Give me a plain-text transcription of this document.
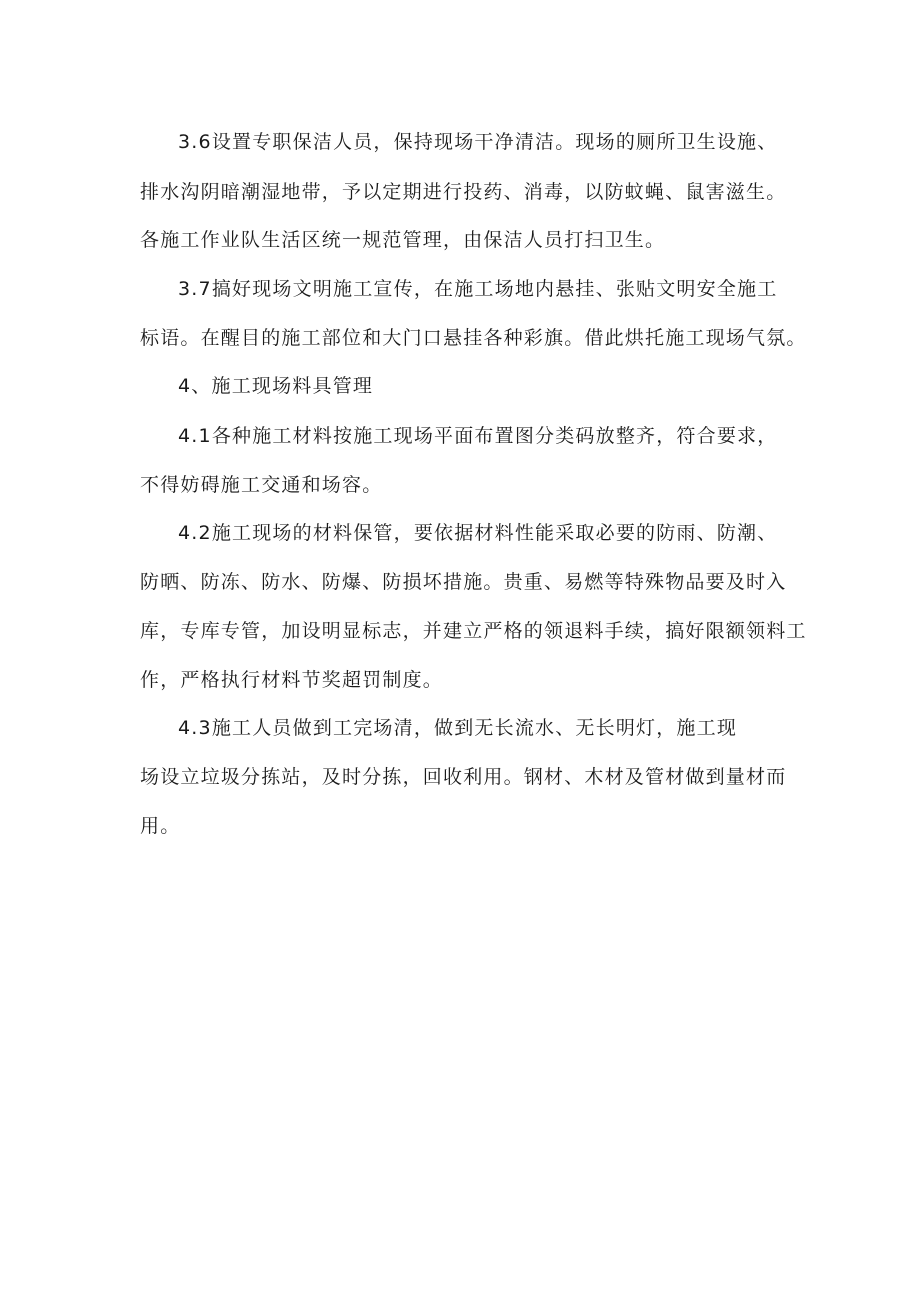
3.6设置专职保洁人员，保持现场干净清洁。现场的厕所卫生设施、
排水沟阴暗潮湿地带，予以定期进行投药、消毒，以防蚊蝇、鼠害滋生。
各施工作业队生活区统一规范管理，由保洁人员打扫卫生。
3.7搞好现场文明施工宣传，在施工场地内悬挂、张贴文明安全施工
标语。在醒目的施工部位和大门口悬挂各种彩旗。借此烘托施工现场气氛。
4、施工现场料具管理
4.1各种施工材料按施工现场平面布置图分类码放整齐，符合要求，
不得妨碍施工交通和场容。
4.2施工现场的材料保管，要依据材料性能采取必要的防雨、防潮、
防晒、防冻、防水、防爆、防损坏措施。贵重、易燃等特殊物品要及时入
库，专库专管，加设明显标志，并建立严格的领退料手续，搞好限额领料工
作，严格执行材料节奖超罚制度。
4.3施工人员做到工完场清，做到无长流水、无长明灯，施工现
场设立垃圾分拣站，及时分拣，回收利用。钢材、木材及管材做到量材而
用。
